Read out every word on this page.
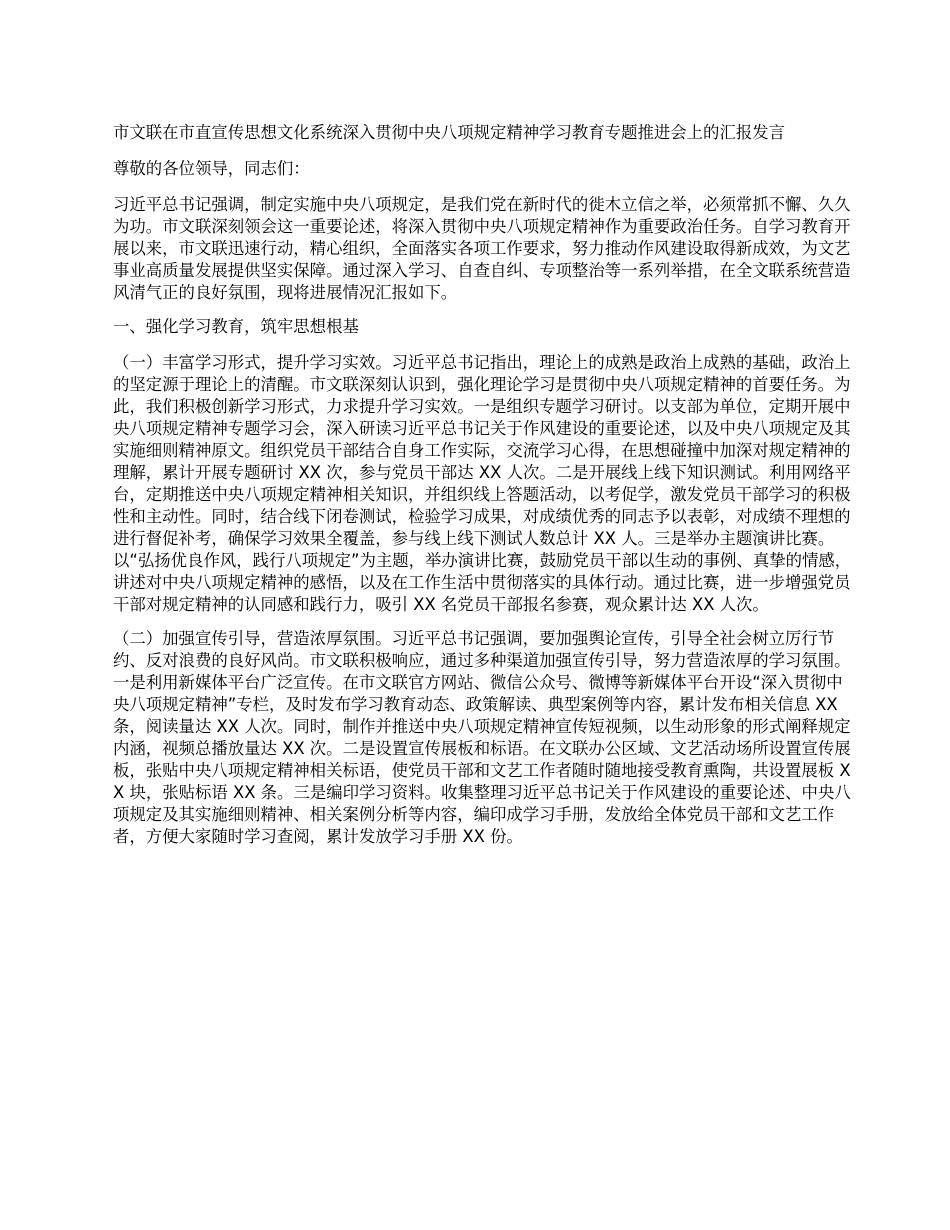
市文联在市直宣传思想文化系统深入贯彻中央八项规定精神学习教育专题推进会上的汇报发言

尊敬的各位领导，同志们：

习近平总书记强调，制定实施中央八项规定，是我们党在新时代的徙木立信之举，必须常抓不懈、久久为功。市文联深刻领会这一重要论述，将深入贯彻中央八项规定精神作为重要政治任务。自学习教育开展以来，市文联迅速行动，精心组织，全面落实各项工作要求，努力推动作风建设取得新成效，为文艺事业高质量发展提供坚实保障。通过深入学习、自查自纠、专项整治等一系列举措，在全文联系统营造风清气正的良好氛围，现将进展情况汇报如下。

一、强化学习教育，筑牢思想根基

（一）丰富学习形式，提升学习实效。习近平总书记指出，理论上的成熟是政治上成熟的基础，政治上的坚定源于理论上的清醒。市文联深刻认识到，强化理论学习是贯彻中央八项规定精神的首要任务。为此，我们积极创新学习形式，力求提升学习实效。一是组织专题学习研讨。以支部为单位，定期开展中央八项规定精神专题学习会，深入研读习近平总书记关于作风建设的重要论述，以及中央八项规定及其实施细则精神原文。组织党员干部结合自身工作实际，交流学习心得，在思想碰撞中加深对规定精神的理解，累计开展专题研讨 XX 次，参与党员干部达 XX 人次。二是开展线上线下知识测试。利用网络平台，定期推送中央八项规定精神相关知识，并组织线上答题活动，以考促学，激发党员干部学习的积极性和主动性。同时，结合线下闭卷测试，检验学习成果，对成绩优秀的同志予以表彰，对成绩不理想的进行督促补考，确保学习效果全覆盖，参与线上线下测试人数总计 XX 人。三是举办主题演讲比赛。以“弘扬优良作风，践行八项规定”为主题，举办演讲比赛，鼓励党员干部以生动的事例、真挚的情感，讲述对中央八项规定精神的感悟，以及在工作生活中贯彻落实的具体行动。通过比赛，进一步增强党员干部对规定精神的认同感和践行力，吸引 XX 名党员干部报名参赛，观众累计达 XX 人次。

（二）加强宣传引导，营造浓厚氛围。习近平总书记强调，要加强舆论宣传，引导全社会树立厉行节约、反对浪费的良好风尚。市文联积极响应，通过多种渠道加强宣传引导，努力营造浓厚的学习氛围。一是利用新媒体平台广泛宣传。在市文联官方网站、微信公众号、微博等新媒体平台开设“深入贯彻中央八项规定精神”专栏，及时发布学习教育动态、政策解读、典型案例等内容，累计发布相关信息 XX 条，阅读量达 XX 人次。同时，制作并推送中央八项规定精神宣传短视频，以生动形象的形式阐释规定内涵，视频总播放量达 XX 次。二是设置宣传展板和标语。在文联办公区域、文艺活动场所设置宣传展板，张贴中央八项规定精神相关标语，使党员干部和文艺工作者随时随地接受教育熏陶，共设置展板 XX 块，张贴标语 XX 条。三是编印学习资料。收集整理习近平总书记关于作风建设的重要论述、中央八项规定及其实施细则精神、相关案例分析等内容，编印成学习手册，发放给全体党员干部和文艺工作者，方便大家随时学习查阅，累计发放学习手册 XX 份。
